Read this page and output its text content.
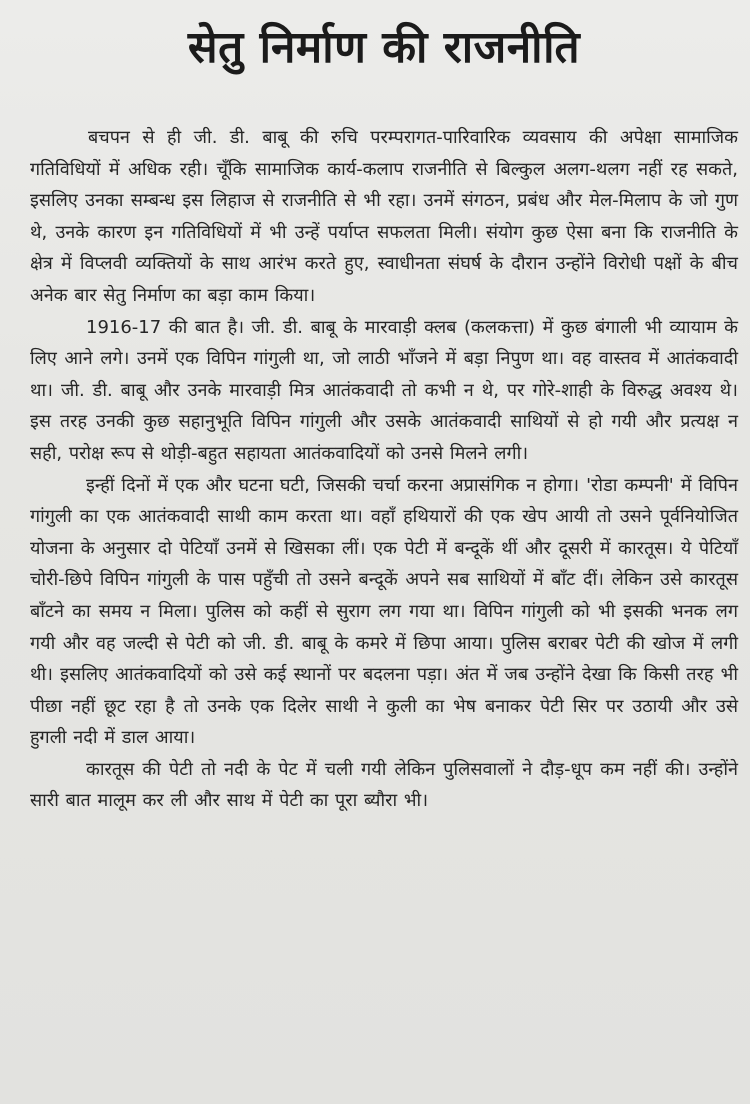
सेतु निर्माण की राजनीति

बचपन से ही जी. डी. बाबू की रुचि परम्परागत-पारिवारिक व्यवसाय की अपेक्षा सामाजिक गतिविधियों में अधिक रही। चूँकि सामाजिक कार्य-कलाप राजनीति से बिल्कुल अलग-थलग नहीं रह सकते, इसलिए उनका सम्बन्ध इस लिहाज से राजनीति से भी रहा। उनमें संगठन, प्रबंध और मेल-मिलाप के जो गुण थे, उनके कारण इन गतिविधियों में भी उन्हें पर्याप्त सफलता मिली। संयोग कुछ ऐसा बना कि राजनीति के क्षेत्र में विप्लवी व्यक्तियों के साथ आरंभ करते हुए, स्वाधीनता संघर्ष के दौरान उन्होंने विरोधी पक्षों के बीच अनेक बार सेतु निर्माण का बड़ा काम किया।

1916-17 की बात है। जी. डी. बाबू के मारवाड़ी क्लब (कलकत्ता) में कुछ बंगाली भी व्यायाम के लिए आने लगे। उनमें एक विपिन गांगुली था, जो लाठी भाँजने में बड़ा निपुण था। वह वास्तव में आतंकवादी था। जी. डी. बाबू और उनके मारवाड़ी मित्र आतंकवादी तो कभी न थे, पर गोरे-शाही के विरुद्ध अवश्य थे। इस तरह उनकी कुछ सहानुभूति विपिन गांगुली और उसके आतंकवादी साथियों से हो गयी और प्रत्यक्ष न सही, परोक्ष रूप से थोड़ी-बहुत सहायता आतंकवादियों को उनसे मिलने लगी।

इन्हीं दिनों में एक और घटना घटी, जिसकी चर्चा करना अप्रासंगिक न होगा। 'रोडा कम्पनी' में विपिन गांगुली का एक आतंकवादी साथी काम करता था। वहाँ हथियारों की एक खेप आयी तो उसने पूर्वनियोजित योजना के अनुसार दो पेटियाँ उनमें से खिसका लीं। एक पेटी में बन्दूकें थीं और दूसरी में कारतूस। ये पेटियाँ चोरी-छिपे विपिन गांगुली के पास पहुँची तो उसने बन्दूकें अपने सब साथियों में बाँट दीं। लेकिन उसे कारतूस बाँटने का समय न मिला। पुलिस को कहीं से सुराग लग गया था। विपिन गांगुली को भी इसकी भनक लग गयी और वह जल्दी से पेटी को जी. डी. बाबू के कमरे में छिपा आया। पुलिस बराबर पेटी की खोज में लगी थी। इसलिए आतंकवादियों को उसे कई स्थानों पर बदलना पड़ा। अंत में जब उन्होंने देखा कि किसी तरह भी पीछा नहीं छूट रहा है तो उनके एक दिलेर साथी ने कुली का भेष बनाकर पेटी सिर पर उठायी और उसे हुगली नदी में डाल आया।

कारतूस की पेटी तो नदी के पेट में चली गयी लेकिन पुलिसवालों ने दौड़-धूप कम नहीं की। उन्होंने सारी बात मालूम कर ली और साथ में पेटी का पूरा ब्यौरा भी।
